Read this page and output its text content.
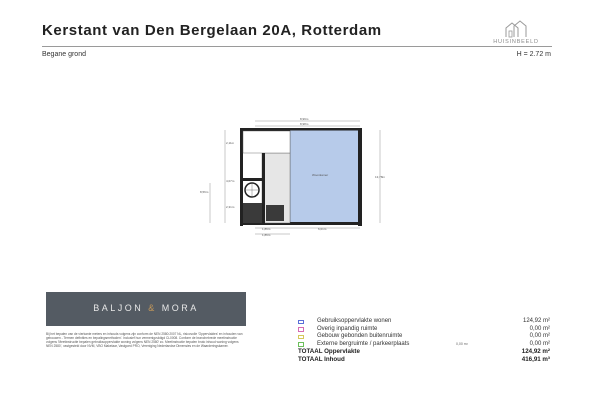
Kerstant van Den Bergelaan 20A, Rotterdam
HUISINBEELD
Begane grond	H = 2.72 m
8,99m
8,98m
13,78m
8,56m
2,11m
4,07m
2,31m
Woonkamer
1,86m	6,01m
1,86m
BALJON & MORA
Bij het bepalen van de vierkante meters en inhouds volgens zijn conform de NEN 2580:2007 NL, risicovolle 'Oppervlaktes' en inhouden van gebouwen - Termen definities en bepalingsmethoden'. Inclusief hun vermenigvuldigd CL0008. Conform de branchebrede meetinstructie volgens 'Meetinstructie bepalen gebruiksoppervlakte woning volgens NEN 2580' zo. Meetinstructie bepalen bruto inhoud woning volgens NEN 2580', vastgesteld door NVM, VBO Makelaar, Vastgoed PRO, Vereniging Nederlandse Dimensies en de Waarderingskamer.
Gebruiksoppervlakte wonen	124,92 m²
Overig inpandig ruimte	0,00 m²
Gebouw gebonden buitenruimte	0,00 m²
Externe bergruimte / parkeerplaats	0,00 m²	0,00 m²
TOTAAL Oppervlakte	124,92 m²
TOTAAL Inhoud	416,91 m³
